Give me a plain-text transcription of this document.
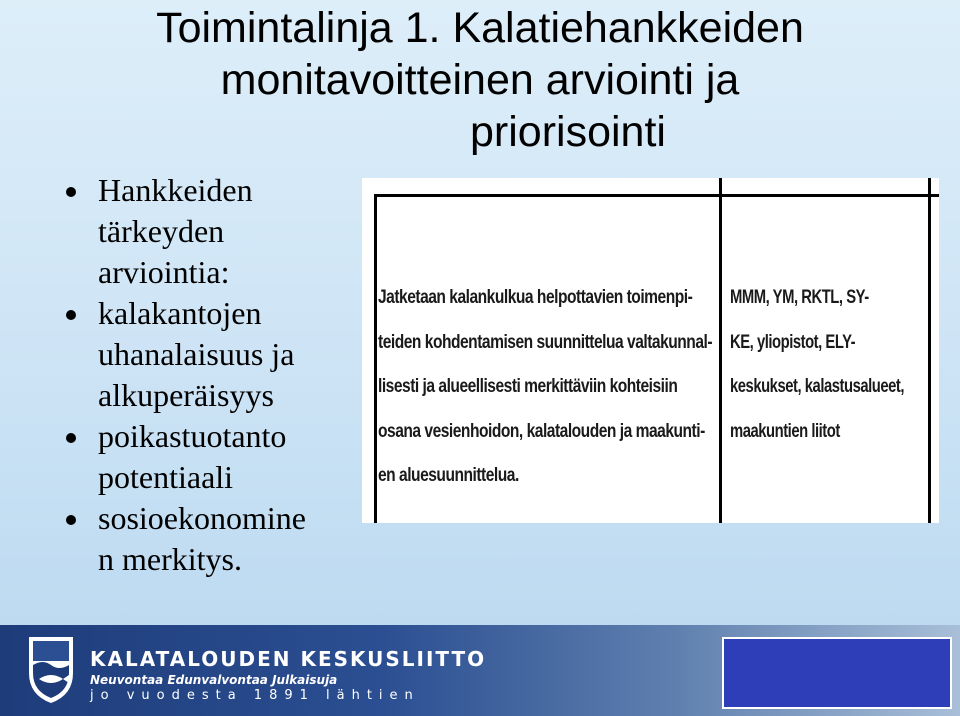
Toimintalinja 1. Kalatiehankkeiden
monitavoitteinen arviointi ja
priorisointi
Hankkeiden
tärkeyden
arviointia:
kalakantojen
uhanalaisuus ja
alkuperäisyys
poikastuotanto
potentiaali
sosioekonomine
n merkitys.
Jatketaan kalankulkua helpottavien toimenpi-
teiden kohdentamisen suunnittelua valtakunnal-
lisesti ja alueellisesti merkittäviin kohteisiin
osana vesienhoidon, kalatalouden ja maakunti-
en aluesuunnittelua.
MMM, YM, RKTL, SY-
KE, yliopistot, ELY-
keskukset, kalastusalueet,
maakuntien liitot
KALATALOUDEN KESKUSLIITTO
Neuvontaa Edunvalvontaa Julkaisuja
jo vuodesta 1891 lähtien
